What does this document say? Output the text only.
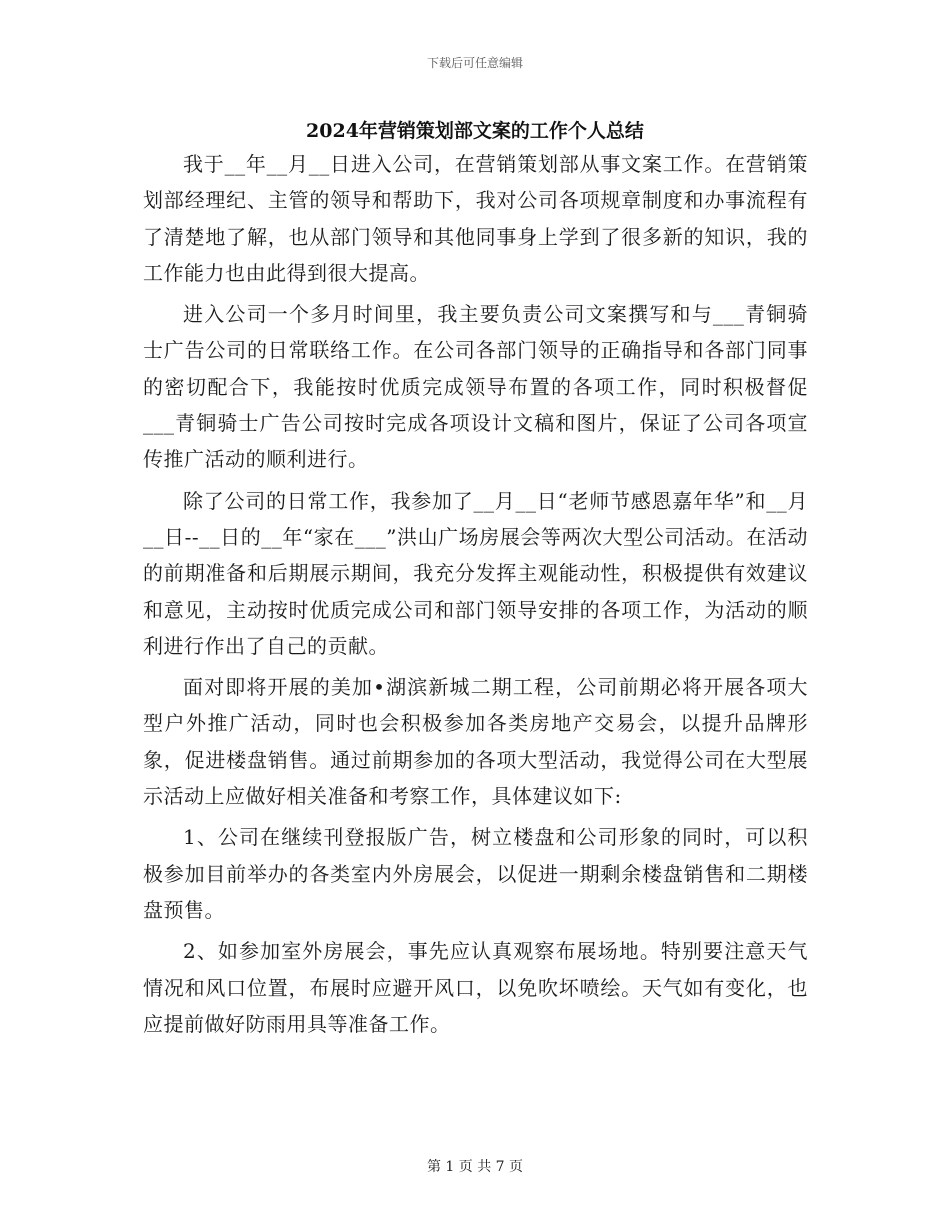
下载后可任意编辑
2024年营销策划部文案的工作个人总结

我于__年__月__日进入公司，在营销策划部从事文案工作。在营销策划部经理纪、主管的领导和帮助下，我对公司各项规章制度和办事流程有了清楚地了解，也从部门领导和其他同事身上学到了很多新的知识，我的工作能力也由此得到很大提高。

进入公司一个多月时间里，我主要负责公司文案撰写和与___青铜骑士广告公司的日常联络工作。在公司各部门领导的正确指导和各部门同事的密切配合下，我能按时优质完成领导布置的各项工作，同时积极督促___青铜骑士广告公司按时完成各项设计文稿和图片，保证了公司各项宣传推广活动的顺利进行。

除了公司的日常工作，我参加了__月__日“老师节感恩嘉年华”和__月__日--__日的__年“家在___”洪山广场房展会等两次大型公司活动。在活动的前期准备和后期展示期间，我充分发挥主观能动性，积极提供有效建议和意见，主动按时优质完成公司和部门领导安排的各项工作，为活动的顺利进行作出了自己的贡献。

面对即将开展的美加•湖滨新城二期工程，公司前期必将开展各项大型户外推广活动，同时也会积极参加各类房地产交易会，以提升品牌形象，促进楼盘销售。通过前期参加的各项大型活动，我觉得公司在大型展示活动上应做好相关准备和考察工作，具体建议如下:

1、公司在继续刊登报版广告，树立楼盘和公司形象的同时，可以积极参加目前举办的各类室内外房展会，以促进一期剩余楼盘销售和二期楼盘预售。

2、如参加室外房展会，事先应认真观察布展场地。特别要注意天气情况和风口位置，布展时应避开风口，以免吹坏喷绘。天气如有变化，也应提前做好防雨用具等准备工作。

第 1 页 共 7 页
